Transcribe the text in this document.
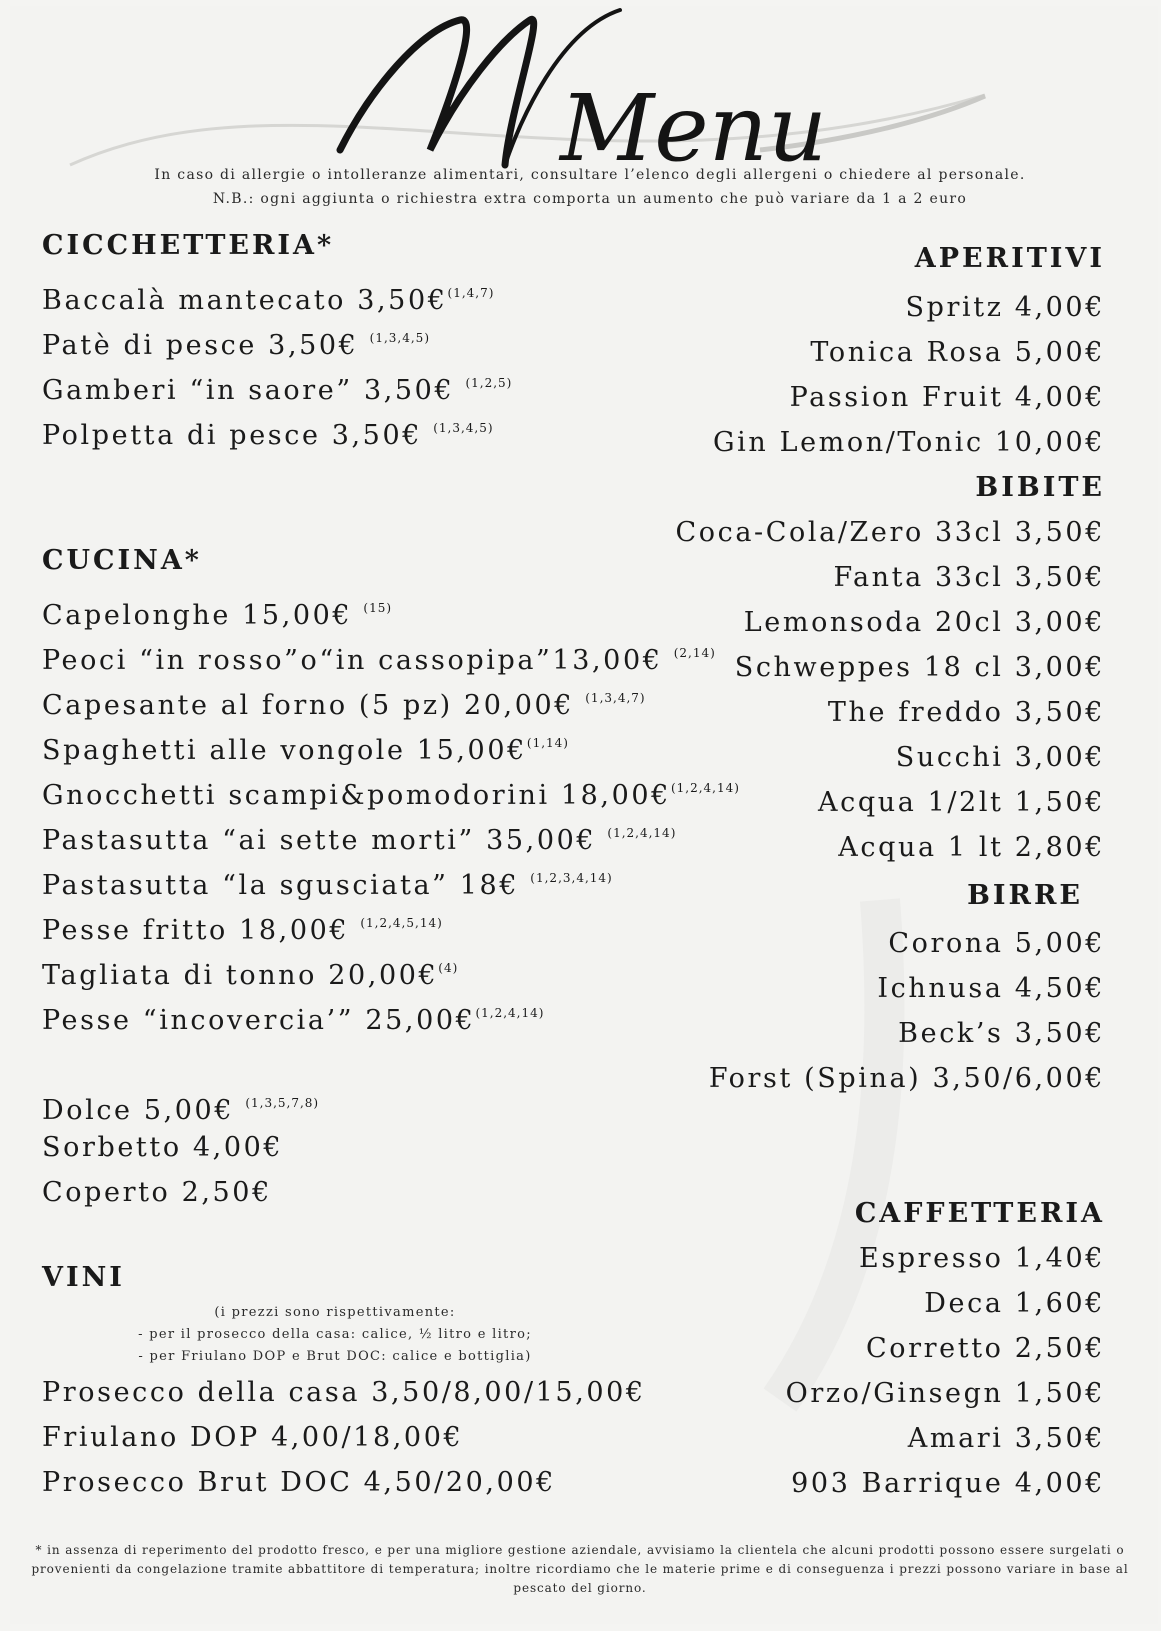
Menu
In caso di allergie o intolleranze alimentari, consultare l’elenco degli allergeni o chiedere al personale.
N.B.: ogni aggiunta o richiestra extra comporta un aumento che può variare da 1 a 2 euro
CICCHETTERIA*
Baccalà mantecato 3,50€$^{(1,4,7)}$
Patè di pesce 3,50€ $^{(1,3,4,5)}$
Gamberi “in saore” 3,50€ $^{(1,2,5)}$
Polpetta di pesce 3,50€ $^{(1,3,4,5)}$
CUCINA*
Capelonghe 15,00€ $^{(15)}$
Peoci “in rosso”o“in cassopipa”13,00€ $^{(2,14)}$
Capesante al forno (5 pz) 20,00€ $^{(1,3,4,7)}$
Spaghetti alle vongole 15,00€$^{(1,14)}$
Gnocchetti scampi&pomodorini 18,00€$^{(1,2,4,14)}$
Pastasutta “ai sette morti” 35,00€ $^{(1,2,4,14)}$
Pastasutta “la sgusciata” 18€ $^{(1,2,3,4,14)}$
Pesse fritto 18,00€ $^{(1,2,4,5,14)}$
Tagliata di tonno 20,00€$^{(4)}$
Pesse “incovercia’” 25,00€$^{(1,2,4,14)}$
Dolce 5,00€ $^{(1,3,5,7,8)}$
Sorbetto 4,00€
Coperto 2,50€
VINI
(i prezzi sono rispettivamente:
- per il prosecco della casa: calice, ½ litro e litro;
- per Friulano DOP e Brut DOC: calice e bottiglia)
Prosecco della casa 3,50/8,00/15,00€
Friulano DOP 4,00/18,00€
Prosecco Brut DOC 4,50/20,00€
APERITIVI
Spritz 4,00€
Tonica Rosa 5,00€
Passion Fruit 4,00€
Gin Lemon/Tonic 10,00€
BIBITE
Coca-Cola/Zero 33cl 3,50€
Fanta 33cl 3,50€
Lemonsoda 20cl 3,00€
Schweppes 18 cl 3,00€
The freddo 3,50€
Succhi 3,00€
Acqua 1/2lt 1,50€
Acqua 1 lt 2,80€
BIRRE
Corona 5,00€
Ichnusa 4,50€
Beck’s 3,50€
Forst (Spina) 3,50/6,00€
CAFFETTERIA
Espresso 1,40€
Deca 1,60€
Corretto 2,50€
Orzo/Ginsegn 1,50€
Amari 3,50€
903 Barrique 4,00€
* in assenza di reperimento del prodotto fresco, e per una migliore gestione aziendale, avvisiamo la clientela che alcuni prodotti possono essere surgelati o provenienti da congelazione tramite abbattitore di temperatura; inoltre ricordiamo che le materie prime e di conseguenza i prezzi possono variare in base al pescato del giorno.
